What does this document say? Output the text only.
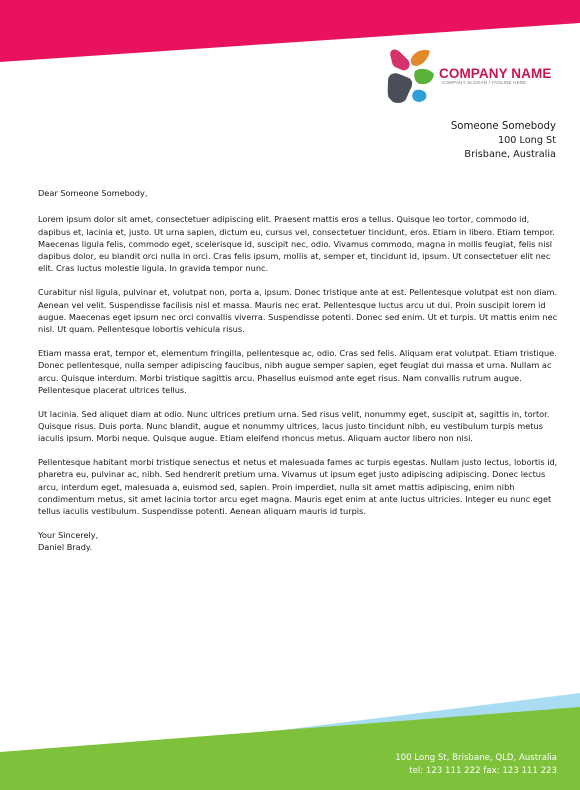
COMPANY NAME
COMPANY SLOGAN / TAGLINE HERE
Someone Somebody
100 Long St
Brisbane, Australia

Dear Someone Somebody,

Lorem ipsum dolor sit amet, consectetuer adipiscing elit. Praesent mattis eros a tellus. Quisque leo tortor, commodo id, dapibus et, lacinia et, justo. Ut urna sapien, dictum eu, cursus vel, consectetuer tincidunt, eros. Etiam in libero. Etiam tempor. Maecenas ligula felis, commodo eget, scelerisque id, suscipit nec, odio. Vivamus commodo, magna in mollis feugiat, felis nisl dapibus dolor, eu blandit orci nulla in orci. Cras felis ipsum, mollis at, semper et, tincidunt id, ipsum. Ut consectetuer elit nec elit. Cras luctus molestie ligula. In gravida tempor nunc.

Curabitur nisl ligula, pulvinar et, volutpat non, porta a, ipsum. Donec tristique ante at est. Pellentesque volutpat est non diam. Aenean vel velit. Suspendisse facilisis nisl et massa. Mauris nec erat. Pellentesque luctus arcu ut dui. Proin suscipit lorem id augue. Maecenas eget ipsum nec orci convallis viverra. Suspendisse potenti. Donec sed enim. Ut et turpis. Ut mattis enim nec nisl. Ut quam. Pellentesque lobortis vehicula risus.

Etiam massa erat, tempor et, elementum fringilla, pellentesque ac, odio. Cras sed felis. Aliquam erat volutpat. Etiam tristique. Donec pellentesque, nulla semper adipiscing faucibus, nibh augue semper sapien, eget feugiat dui massa et urna. Nullam ac arcu. Quisque interdum. Morbi tristique sagittis arcu. Phasellus euismod ante eget risus. Nam convallis rutrum augue. Pellentesque placerat ultrices tellus.

Ut lacinia. Sed aliquet diam at odio. Nunc ultrices pretium urna. Sed risus velit, nonummy eget, suscipit at, sagittis in, tortor. Quisque risus. Duis porta. Nunc blandit, augue et nonummy ultrices, lacus justo tincidunt nibh, eu vestibulum turpis metus iaculis ipsum. Morbi neque. Quisque augue. Etiam eleifend rhoncus metus. Aliquam auctor libero non nisi.

Pellentesque habitant morbi tristique senectus et netus et malesuada fames ac turpis egestas. Nullam justo lectus, lobortis id, pharetra eu, pulvinar ac, nibh. Sed hendrerit pretium urna. Vivamus ut ipsum eget justo adipiscing adipiscing. Donec lectus arcu, interdum eget, malesuada a, euismod sed, sapien. Proin imperdiet, nulla sit amet mattis adipiscing, enim nibh condimentum metus, sit amet lacinia tortor arcu eget magna. Mauris eget enim at ante luctus ultricies. Integer eu nunc eget tellus iaculis vestibulum. Suspendisse potenti. Aenean aliquam mauris id turpis.

Your Sincerely,
Daniel Brady.
100 Long St, Brisbane, QLD, Australia
tel: 123 111 222 fax: 123 111 223
